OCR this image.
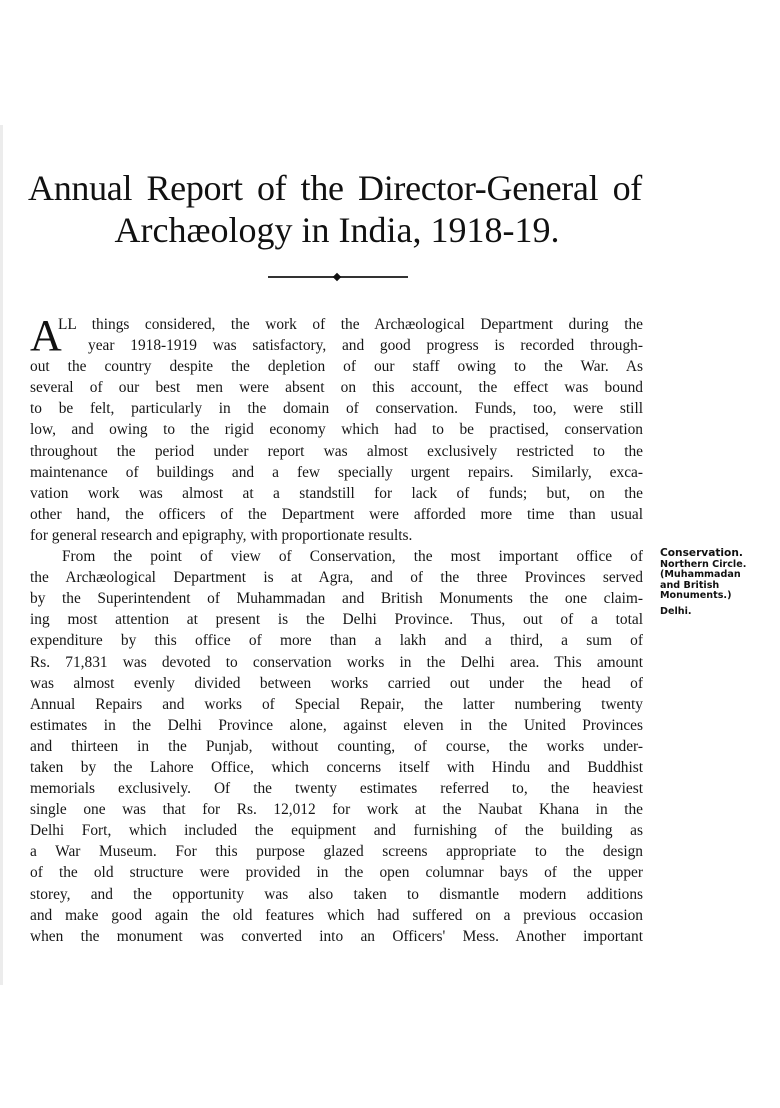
Annual Report of the Director-General of
Archæology in India, 1918-19.
A
LL things considered, the work of the Archæological Department during the
year 1918-1919 was satisfactory, and good progress is recorded through-
out the country despite the depletion of our staff owing to the War. As
several of our best men were absent on this account, the effect was bound
to be felt, particularly in the domain of conservation. Funds, too, were still
low, and owing to the rigid economy which had to be practised, conservation
throughout the period under report was almost exclusively restricted to the
maintenance of buildings and a few specially urgent repairs. Similarly, exca-
vation work was almost at a standstill for lack of funds; but, on the
other hand, the officers of the Department were afforded more time than usual
for general research and epigraphy, with proportionate results.
From the point of view of Conservation, the most important office of
the Archæological Department is at Agra, and of the three Provinces served
by the Superintendent of Muhammadan and British Monuments the one claim-
ing most attention at present is the Delhi Province. Thus, out of a total
expenditure by this office of more than a lakh and a third, a sum of
Rs. 71,831 was devoted to conservation works in the Delhi area. This amount
was almost evenly divided between works carried out under the head of
Annual Repairs and works of Special Repair, the latter numbering twenty
estimates in the Delhi Province alone, against eleven in the United Provinces
and thirteen in the Punjab, without counting, of course, the works under-
taken by the Lahore Office, which concerns itself with Hindu and Buddhist
memorials exclusively. Of the twenty estimates referred to, the heaviest
single one was that for Rs. 12,012 for work at the Naubat Khana in the
Delhi Fort, which included the equipment and furnishing of the building as
a War Museum. For this purpose glazed screens appropriate to the design
of the old structure were provided in the open columnar bays of the upper
storey, and the opportunity was also taken to dismantle modern additions
and make good again the old features which had suffered on a previous occasion
when the monument was converted into an Officers' Mess. Another important
Conservation.
Northern Circle.
(Muhammadan
and British
Monuments.)
Delhi.
